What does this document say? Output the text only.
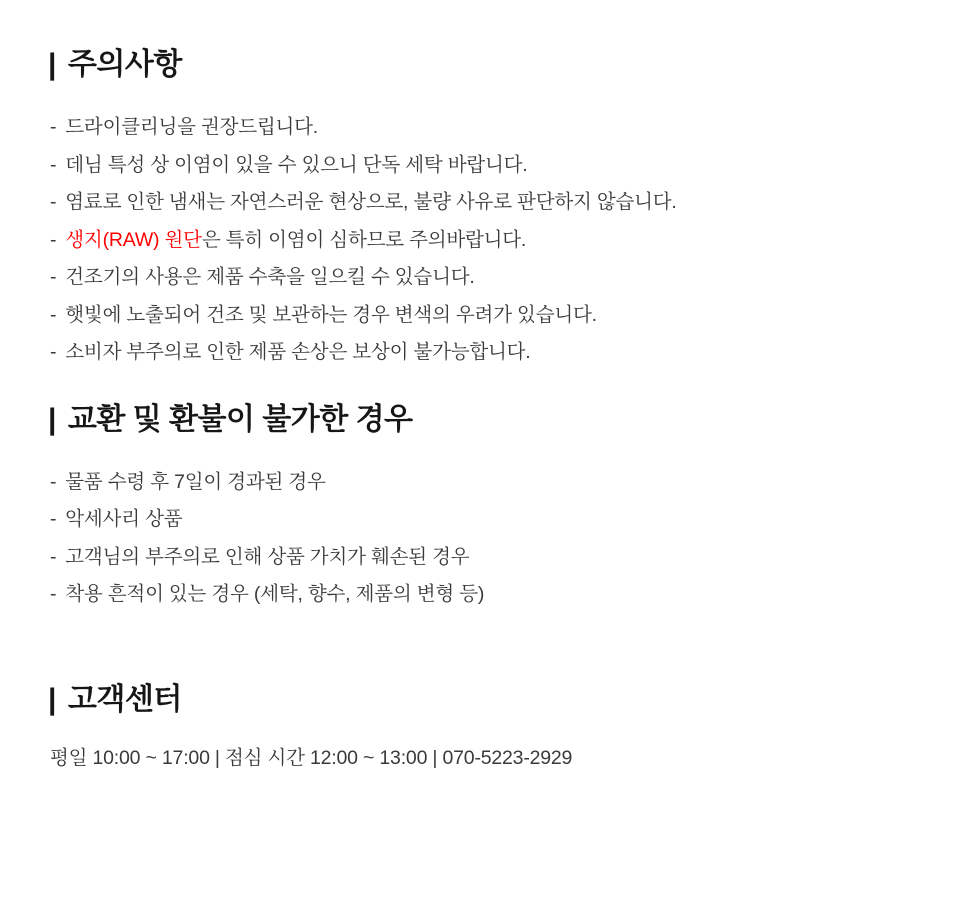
| 주의사항
- 드라이클리닝을 권장드립니다.
- 데님 특성 상 이염이 있을 수 있으니 단독 세탁 바랍니다.
- 염료로 인한 냄새는 자연스러운 현상으로, 불량 사유로 판단하지 않습니다.
- 생지(RAW) 원단은 특히 이염이 심하므로 주의바랍니다.
- 건조기의 사용은 제품 수축을 일으킬 수 있습니다.
- 햇빛에 노출되어 건조 및 보관하는 경우 변색의 우려가 있습니다.
- 소비자 부주의로 인한 제품 손상은 보상이 불가능합니다.
| 교환 및 환불이 불가한 경우
- 물품 수령 후 7일이 경과된 경우
- 악세사리 상품
- 고객님의 부주의로 인해 상품 가치가 훼손된 경우
- 착용 흔적이 있는 경우 (세탁, 향수, 제품의 변형 등)
| 고객센터

평일 10:00 ~ 17:00 | 점심 시간 12:00 ~ 13:00 | 070-5223-2929
